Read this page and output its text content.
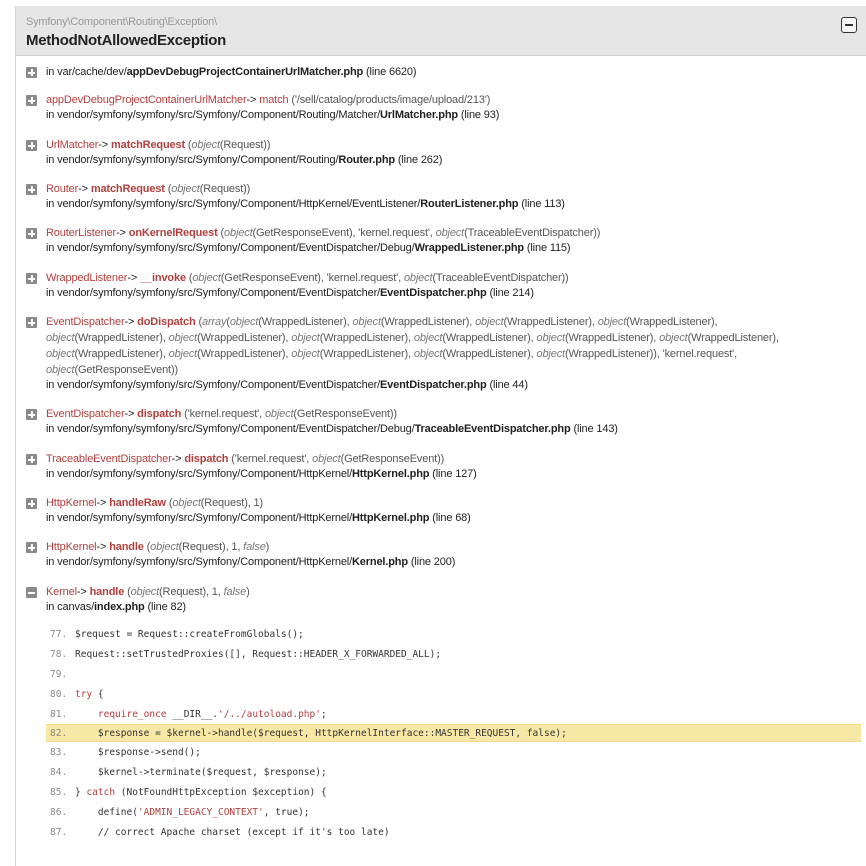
Symfony\Component\Routing\Exception\
MethodNotAllowedException
in var/cache/dev/appDevDebugProjectContainerUrlMatcher.php (line 6620)
appDevDebugProjectContainerUrlMatcher-> match ('/sell/catalog/products/image/upload/213')
in vendor/symfony/symfony/src/Symfony/Component/Routing/Matcher/UrlMatcher.php (line 93)
UrlMatcher-> matchRequest (object(Request))
in vendor/symfony/symfony/src/Symfony/Component/Routing/Router.php (line 262)
Router-> matchRequest (object(Request))
in vendor/symfony/symfony/src/Symfony/Component/HttpKernel/EventListener/RouterListener.php (line 113)
RouterListener-> onKernelRequest (object(GetResponseEvent), 'kernel.request', object(TraceableEventDispatcher))
in vendor/symfony/symfony/src/Symfony/Component/EventDispatcher/Debug/WrappedListener.php (line 115)
WrappedListener-> __invoke (object(GetResponseEvent), 'kernel.request', object(TraceableEventDispatcher))
in vendor/symfony/symfony/src/Symfony/Component/EventDispatcher/EventDispatcher.php (line 214)
EventDispatcher-> doDispatch (array(object(WrappedListener), object(WrappedListener), object(WrappedListener), object(WrappedListener),
object(WrappedListener), object(WrappedListener), object(WrappedListener), object(WrappedListener), object(WrappedListener), object(WrappedListener),
object(WrappedListener), object(WrappedListener), object(WrappedListener), object(WrappedListener), object(WrappedListener)), 'kernel.request',
object(GetResponseEvent))
in vendor/symfony/symfony/src/Symfony/Component/EventDispatcher/EventDispatcher.php (line 44)
EventDispatcher-> dispatch ('kernel.request', object(GetResponseEvent))
in vendor/symfony/symfony/src/Symfony/Component/EventDispatcher/Debug/TraceableEventDispatcher.php (line 143)
TraceableEventDispatcher-> dispatch ('kernel.request', object(GetResponseEvent))
in vendor/symfony/symfony/src/Symfony/Component/HttpKernel/HttpKernel.php (line 127)
HttpKernel-> handleRaw (object(Request), 1)
in vendor/symfony/symfony/src/Symfony/Component/HttpKernel/HttpKernel.php (line 68)
HttpKernel-> handle (object(Request), 1, false)
in vendor/symfony/symfony/src/Symfony/Component/HttpKernel/Kernel.php (line 200)
Kernel-> handle (object(Request), 1, false)
in canvas/index.php (line 82)
77. $request = Request::createFromGlobals();
78. Request::setTrustedProxies([], Request::HEADER_X_FORWARDED_ALL);
79.
80. try {
81.	require_once __DIR__.'/../autoload.php';
82. $response = $kernel->handle($request, HttpKernelInterface::MASTER_REQUEST, false);
83. $response->send();
84. $kernel->terminate($request, $response);
85. } catch (NotFoundHttpException $exception) {
86. define('ADMIN_LEGACY_CONTEXT', true);
87. // correct Apache charset (except if it's too late)
